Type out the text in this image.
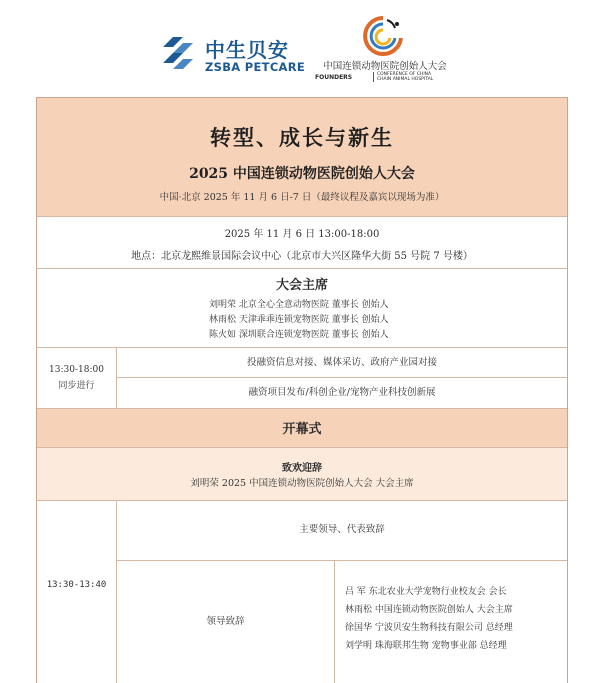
中生贝安
ZSBA PETCARE	中国连锁动物医院创始人大会
FOUNDERS	CONFERENCE OF CHINA
CHAIN ANIMAL HOSPITAL
转型、成长与新生
2025 中国连锁动物医院创始人大会
中国·北京 2025 年 11 月 6 日-7 日（最终议程及嘉宾以现场为准）
2025 年 11 月 6 日 13:00-18:00
地点：北京龙熙维景国际会议中心（北京市大兴区隆华大街 55 号院 7 号楼）
大会主席
刘明荣 北京全心全意动物医院 董事长 创始人
林雨松 天津乖乖连锁宠物医院 董事长 创始人
陈火如 深圳联合连锁宠物医院 董事长 创始人
13:30-18:00
同步进行
投融资信息对接、媒体采访、政府产业园对接
融资项目发布/科创企业/宠物产业科技创新展
开幕式
致欢迎辞
刘明荣 2025 中国连锁动物医院创始人大会 大会主席
13:30-13:40
主要领导、代表致辞
领导致辞
吕 军 东北农业大学宠物行业校友会 会长
林雨松 中国连锁动物医院创始人 大会主席
徐国华 宁波贝安生物科技有限公司 总经理
刘学明 珠海联邦生物 宠物事业部 总经理
